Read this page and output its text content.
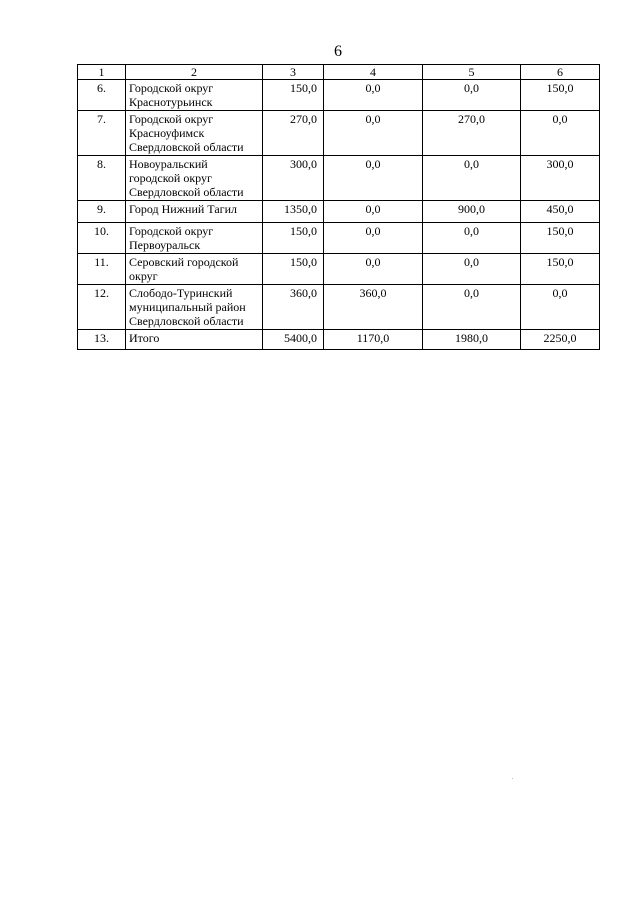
6
1	2	3	4	5	6
6.	Городской округ Краснотурьинск	150,0	0,0	0,0	150,0
7.	Городской округ Красноуфимск Свердловской области	270,0	0,0	270,0	0,0
8.	Новоуральский городской округ Свердловской области	300,0	0,0	0,0	300,0
9.	Город Нижний Тагил	1350,0	0,0	900,0	450,0
10.	Городской округ Первоуральск	150,0	0,0	0,0	150,0
11.	Серовский городской округ	150,0	0,0	0,0	150,0
12.	Слободо-Туринский муниципальный район Свердловской области	360,0	360,0	0,0	0,0
13.	Итого	5400,0	1170,0	1980,0	2250,0
